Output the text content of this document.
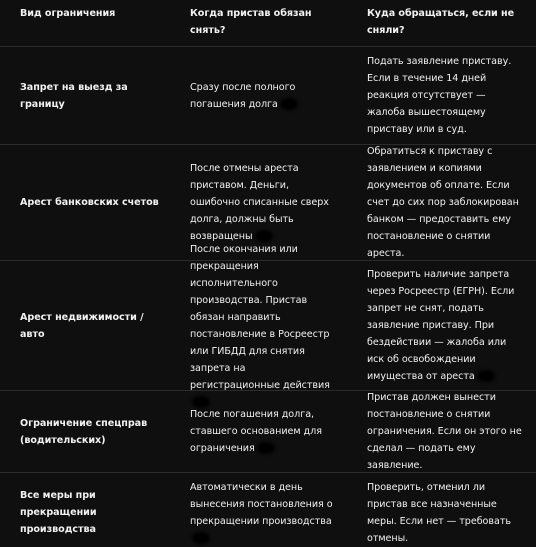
Вид ограничения	Когда пристав обязан снять?
Куда обращаться, если не сняли?
Запрет на выезд за границу
Сразу после полного погашения долга
Подать заявление приставу. Если в течение 14 дней реакция отсутствует — жалоба вышестоящему приставу или в суд.
Арест банковских счетов
После отмены ареста приставом. Деньги, ошибочно списанные сверх долга, должны быть возвращены
Обратиться к приставу с заявлением и копиями документов об оплате. Если счет до сих пор заблокирован банком — предоставить ему постановление о снятии ареста.
Арест недвижимости / авто
После окончания или прекращения исполнительного производства. Пристав обязан направить постановление в Росреестр или ГИБДД для снятия запрета на регистрационные действия
Проверить наличие запрета через Росреестр (ЕГРН). Если запрет не снят, подать заявление приставу. При бездействии — жалоба или иск об освобождении имущества от ареста
Ограничение спецправ (водительских)
После погашения долга, ставшего основанием для ограничения
Пристав должен вынести постановление о снятии ограничения. Если он этого не сделал — подать ему заявление.
Все меры при прекращении производства
Автоматически в день вынесения постановления о прекращении производства
Проверить, отменил ли пристав все назначенные меры. Если нет — требовать отмены.
